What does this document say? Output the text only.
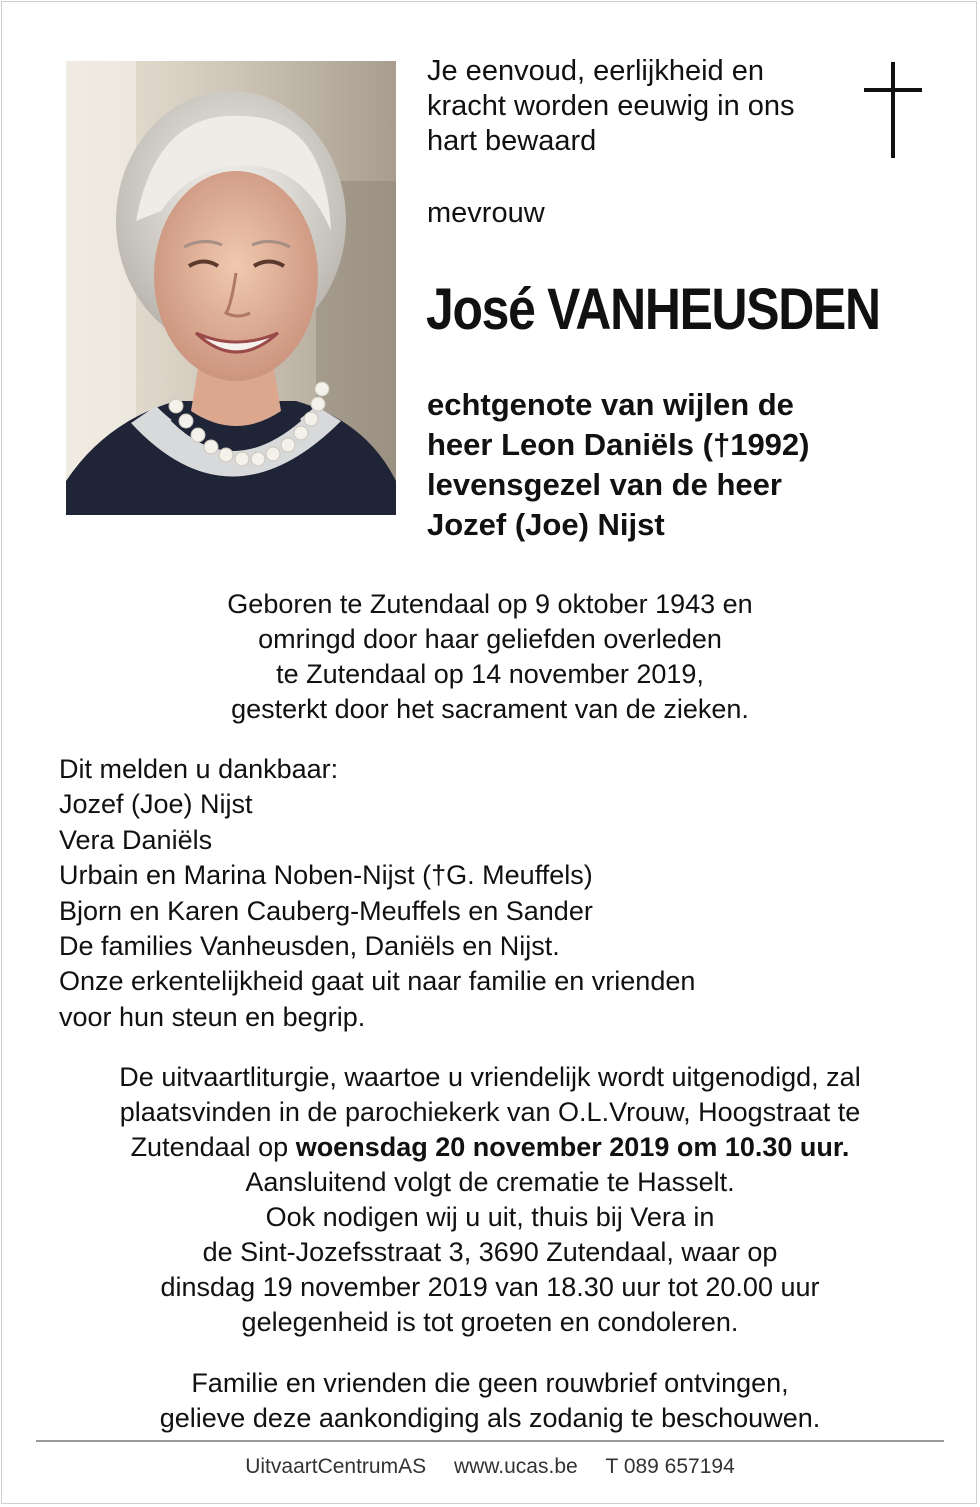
Je eenvoud, eerlijkheid en
kracht worden eeuwig in ons
hart bewaard
mevrouw
José VANHEUSDEN
echtgenote van wijlen de
heer Leon Daniëls (†1992)
levensgezel van de heer
Jozef (Joe) Nijst
Geboren te Zutendaal op 9 oktober 1943 en
omringd door haar geliefden overleden
te Zutendaal op 14 november 2019,
gesterkt door het sacrament van de zieken.
Dit melden u dankbaar:
Jozef (Joe) Nijst
Vera Daniëls
Urbain en Marina Noben-Nijst (†G. Meuffels)
Bjorn en Karen Cauberg-Meuffels en Sander
De families Vanheusden, Daniëls en Nijst.
Onze erkentelijkheid gaat uit naar familie en vrienden
voor hun steun en begrip.
De uitvaartliturgie, waartoe u vriendelijk wordt uitgenodigd, zal
plaatsvinden in de parochiekerk van O.L.Vrouw, Hoogstraat te
Zutendaal op woensdag 20 november 2019 om 10.30 uur.
Aansluitend volgt de crematie te Hasselt.
Ook nodigen wij u uit, thuis bij Vera in
de Sint-Jozefsstraat 3, 3690 Zutendaal, waar op
dinsdag 19 november 2019 van 18.30 uur tot 20.00 uur
gelegenheid is tot groeten en condoleren.
Familie en vrienden die geen rouwbrief ontvingen,
gelieve deze aankondiging als zodanig te beschouwen.
UitvaartCentrumAS www.ucas.be T 089 657194
